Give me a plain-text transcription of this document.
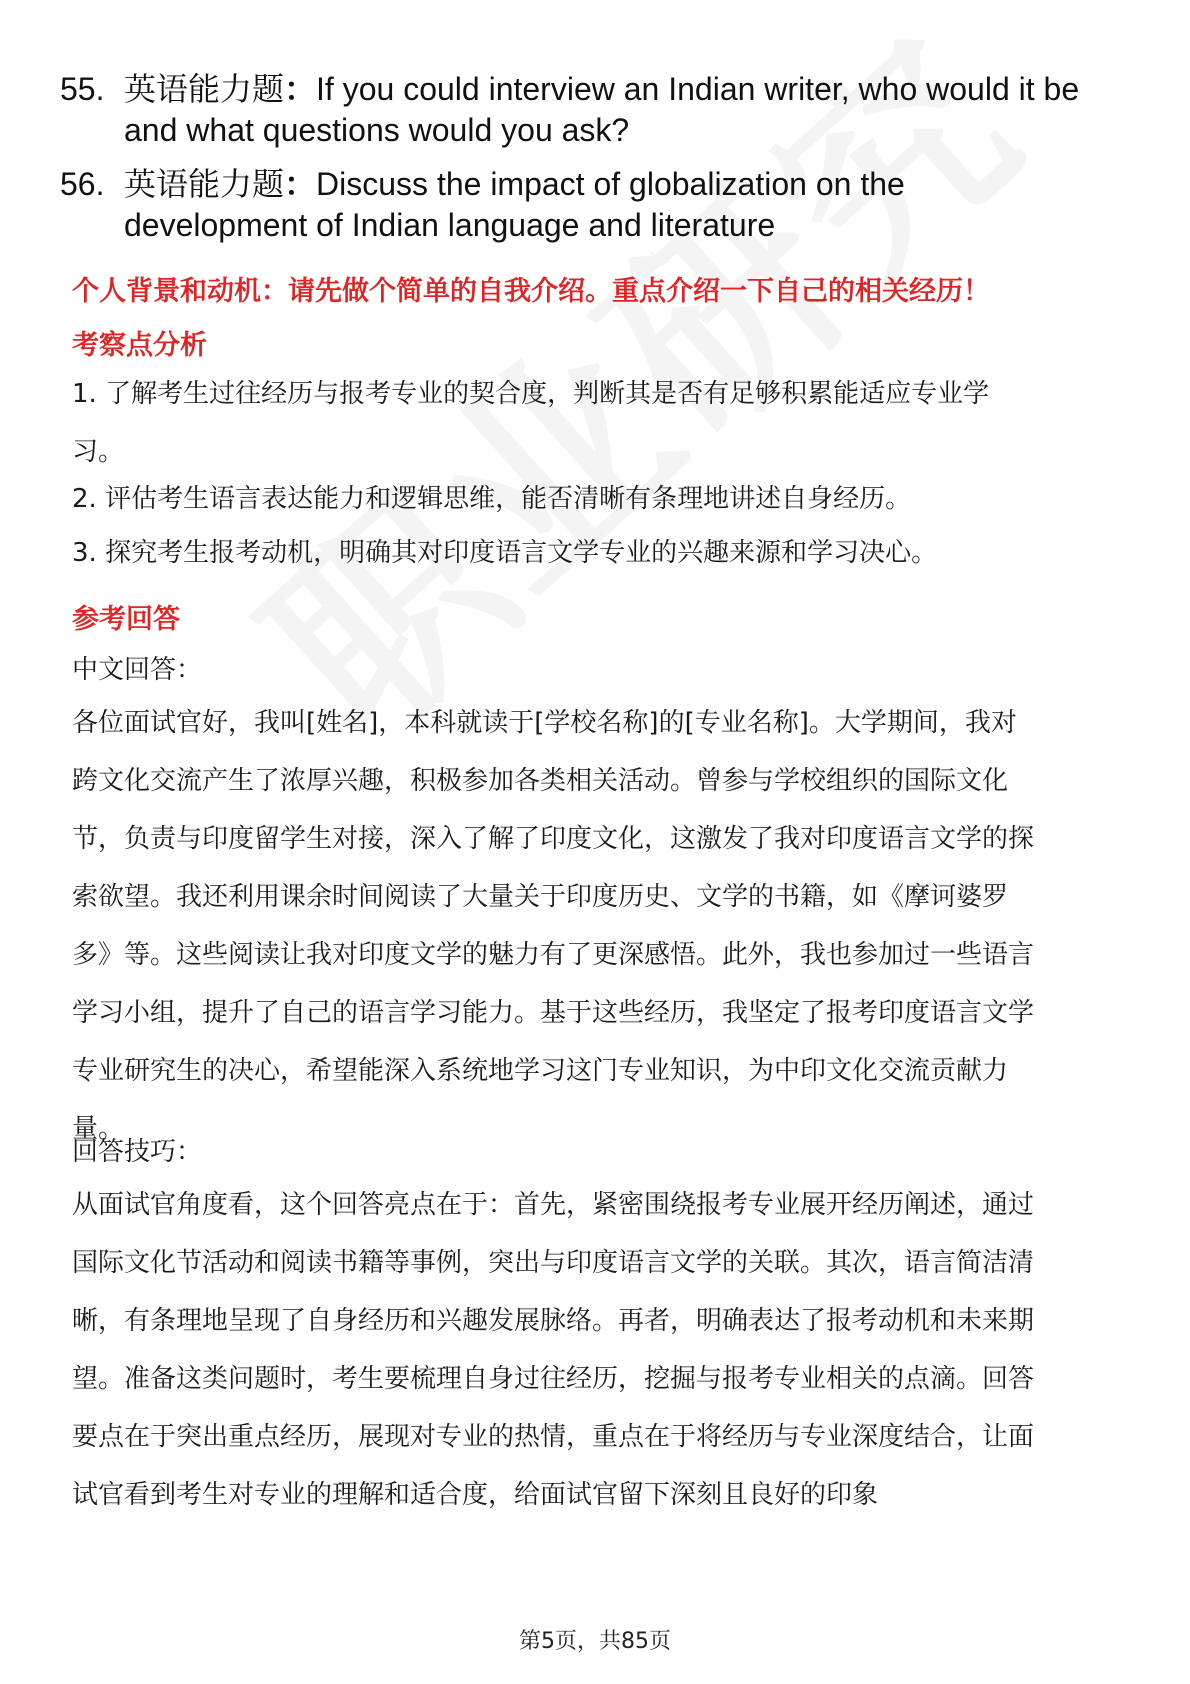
55. 英语能力题：If you could interview an Indian writer, who would it be and what questions would you ask?
56. 英语能力题：Discuss the impact of globalization on the development of Indian language and literature
个人背景和动机：请先做个简单的自我介绍。重点介绍一下自己的相关经历！
考察点分析
1. 了解考生过往经历与报考专业的契合度，判断其是否有足够积累能适应专业学习。
2. 评估考生语言表达能力和逻辑思维，能否清晰有条理地讲述自身经历。
3. 探究考生报考动机，明确其对印度语言文学专业的兴趣来源和学习决心。
参考回答
中文回答：
各位面试官好，我叫[姓名]，本科就读于[学校名称]的[专业名称]。大学期间，我对跨文化交流产生了浓厚兴趣，积极参加各类相关活动。曾参与学校组织的国际文化节，负责与印度留学生对接，深入了解了印度文化，这激发了我对印度语言文学的探索欲望。我还利用课余时间阅读了大量关于印度历史、文学的书籍，如《摩诃婆罗多》等。这些阅读让我对印度文学的魅力有了更深感悟。此外，我也参加过一些语言学习小组，提升了自己的语言学习能力。基于这些经历，我坚定了报考印度语言文学专业研究生的决心，希望能深入系统地学习这门专业知识，为中印文化交流贡献力量。
回答技巧：
从面试官角度看，这个回答亮点在于：首先，紧密围绕报考专业展开经历阐述，通过国际文化节活动和阅读书籍等事例，突出与印度语言文学的关联。其次，语言简洁清晰，有条理地呈现了自身经历和兴趣发展脉络。再者，明确表达了报考动机和未来期望。准备这类问题时，考生要梳理自身过往经历，挖掘与报考专业相关的点滴。回答要点在于突出重点经历，展现对专业的热情，重点在于将经历与专业深度结合，让面试官看到考生对专业的理解和适合度，给面试官留下深刻且良好的印象
第5页，共85页
